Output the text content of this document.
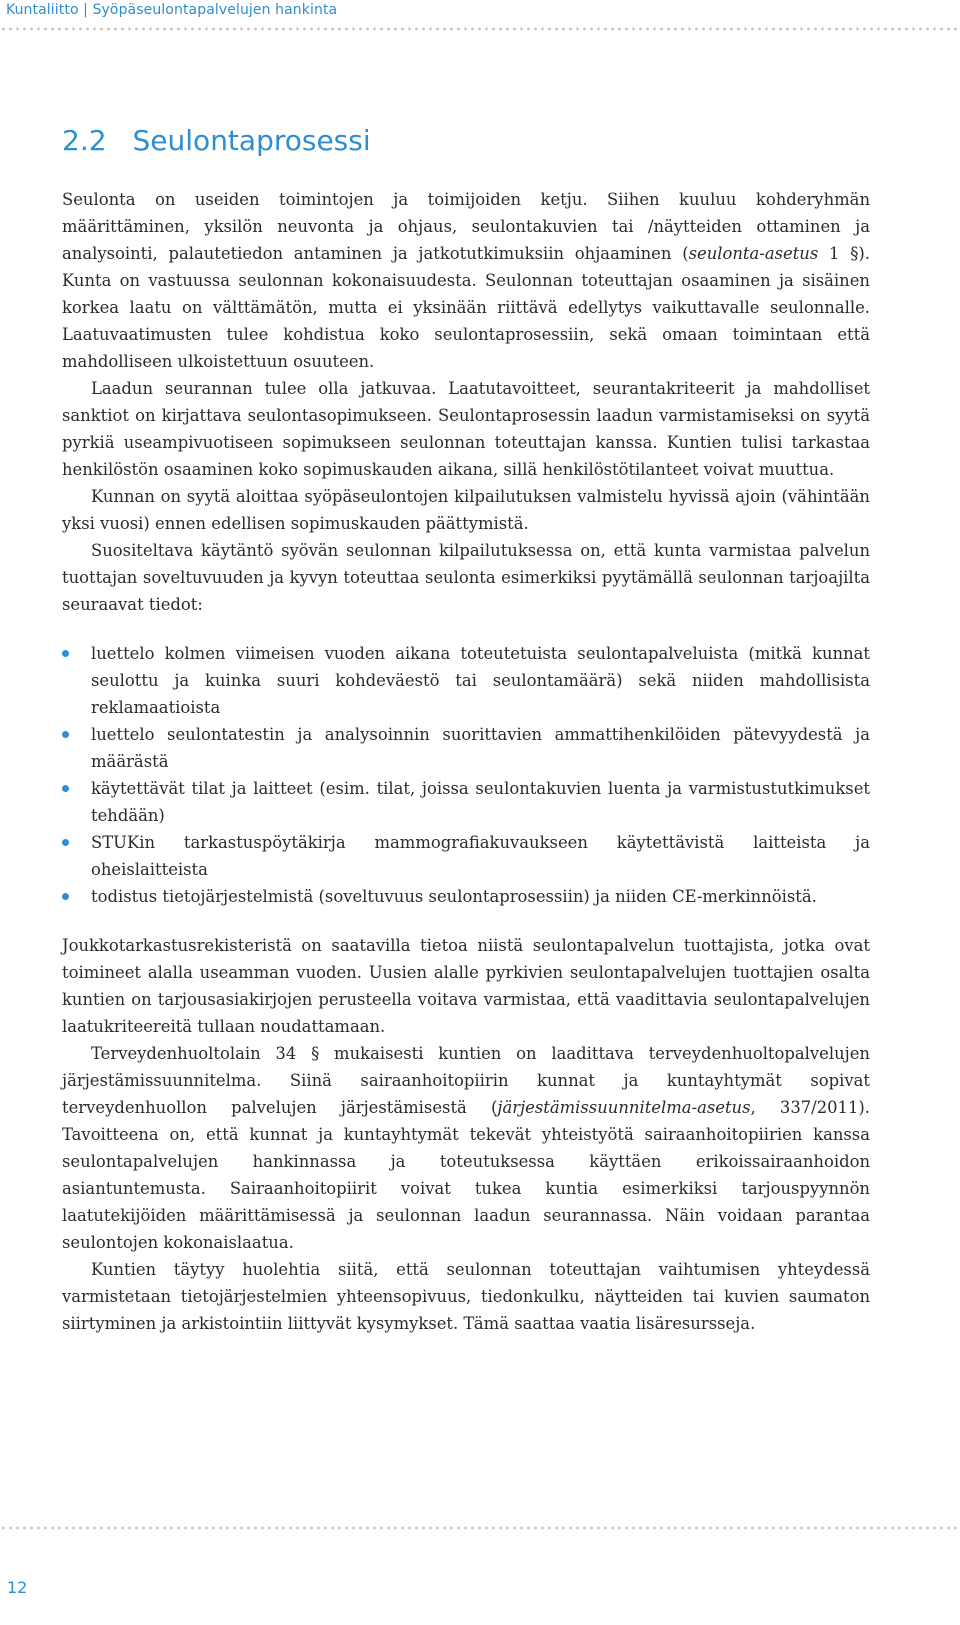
Kuntaliitto | Syöpäseulontapalvelujen hankinta
2.2 Seulontaprosessi

Seulonta on useiden toimintojen ja toimijoiden ketju. Siihen kuuluu kohderyhmän määrittäminen, yksilön neuvonta ja ohjaus, seulontakuvien tai /näytteiden ottaminen ja analysointi, palautetiedon antaminen ja jatkotutkimuksiin ohjaaminen (seulonta-asetus 1 §). Kunta on vastuussa seulonnan kokonaisuudesta. Seulonnan toteuttajan osaaminen ja sisäinen korkea laatu on välttämätön, mutta ei yksinään riittävä edellytys vaikuttavalle seulonnalle. Laatuvaatimusten tulee kohdistua koko seulontaprosessiin, sekä omaan toimintaan että mahdolliseen ulkoistettuun osuuteen.

Laadun seurannan tulee olla jatkuvaa. Laatutavoitteet, seurantakriteerit ja mahdolliset sanktiot on kirjattava seulontasopimukseen. Seulontaprosessin laadun varmistamiseksi on syytä pyrkiä useampivuotiseen sopimukseen seulonnan toteuttajan kanssa. Kuntien tulisi tarkastaa henkilöstön osaaminen koko sopimuskauden aikana, sillä henkilöstötilanteet voivat muuttua.

Kunnan on syytä aloittaa syöpäseulontojen kilpailutuksen valmistelu hyvissä ajoin (vähintään yksi vuosi) ennen edellisen sopimuskauden päättymistä.

Suositeltava käytäntö syövän seulonnan kilpailutuksessa on, että kunta varmistaa palvelun tuottajan soveltuvuuden ja kyvyn toteuttaa seulonta esimerkiksi pyytämällä seulonnan tarjoajilta seuraavat tiedot:

luettelo kolmen viimeisen vuoden aikana toteutetuista seulontapalveluista (mitkä kunnat seulottu ja kuinka suuri kohdeväestö tai seulontamäärä) sekä niiden mahdollisista reklamaatioista
luettelo seulontatestin ja analysoinnin suorittavien ammattihenkilöiden pätevyydestä ja määrästä
käytettävät tilat ja laitteet (esim. tilat, joissa seulontakuvien luenta ja varmistustutkimukset tehdään)
STUKin tarkastuspöytäkirja mammografiakuvaukseen käytettävistä laitteista ja oheislaitteista
todistus tietojärjestelmistä (soveltuvuus seulontaprosessiin) ja niiden CE-merkinnöistä.

Joukkotarkastusrekisteristä on saatavilla tietoa niistä seulontapalvelun tuottajista, jotka ovat toimineet alalla useamman vuoden. Uusien alalle pyrkivien seulontapalvelujen tuottajien osalta kuntien on tarjousasiakirjojen perusteella voitava varmistaa, että vaadittavia seulontapalvelujen laatukriteereitä tullaan noudattamaan.

Terveydenhuoltolain 34 § mukaisesti kuntien on laadittava terveydenhuoltopalvelujen järjestämissuunnitelma. Siinä sairaanhoitopiirin kunnat ja kuntayhtymät sopivat terveydenhuollon palvelujen järjestämisestä (järjestämissuunnitelma-asetus, 337/2011). Tavoitteena on, että kunnat ja kuntayhtymät tekevät yhteistyötä sairaanhoitopiirien kanssa seulontapalvelujen hankinnassa ja toteutuksessa käyttäen erikoissairaanhoidon asiantuntemusta. Sairaanhoitopiirit voivat tukea kuntia esimerkiksi tarjouspyynnön laatutekijöiden määrittämisessä ja seulonnan laadun seurannassa. Näin voidaan parantaa seulontojen kokonaislaatua.

Kuntien täytyy huolehtia siitä, että seulonnan toteuttajan vaihtumisen yhteydessä varmistetaan tietojärjestelmien yhteensopivuus, tiedonkulku, näytteiden tai kuvien saumaton siirtyminen ja arkistointiin liittyvät kysymykset. Tämä saattaa vaatia lisäresursseja.

12
